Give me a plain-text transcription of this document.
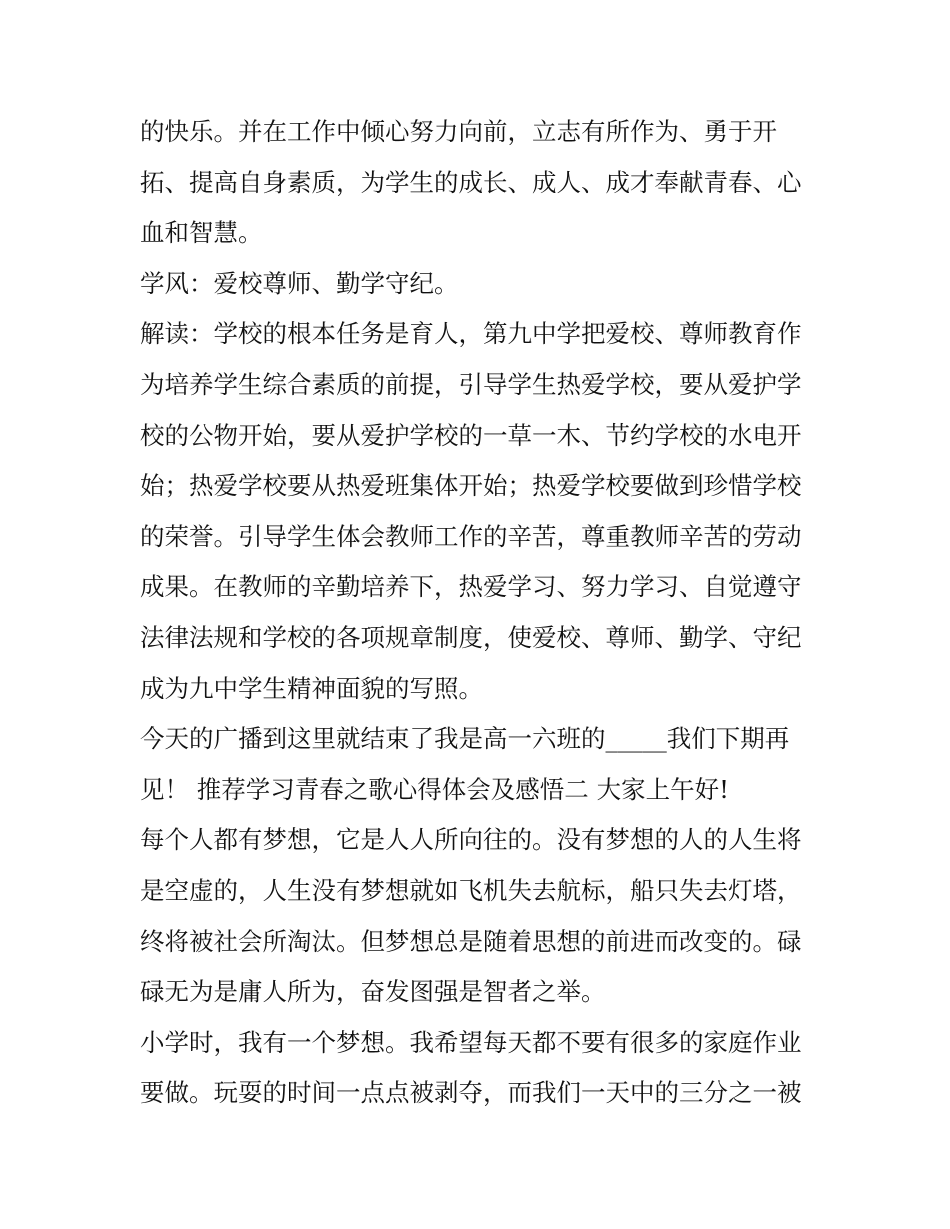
的快乐。并在工作中倾心努力向前，立志有所作为、勇于开
拓、提高自身素质，为学生的成长、成人、成才奉献青春、心
血和智慧。
学风：爱校尊师、勤学守纪。
解读：学校的根本任务是育人，第九中学把爱校、尊师教育作
为培养学生综合素质的前提，引导学生热爱学校，要从爱护学
校的公物开始，要从爱护学校的一草一木、节约学校的水电开
始；热爱学校要从热爱班集体开始；热爱学校要做到珍惜学校
的荣誉。引导学生体会教师工作的辛苦，尊重教师辛苦的劳动
成果。在教师的辛勤培养下，热爱学习、努力学习、自觉遵守
法律法规和学校的各项规章制度，使爱校、尊师、勤学、守纪
成为九中学生精神面貌的写照。
今天的广播到这里就结束了我是高一六班的_____我们下期再
见！ 推荐学习青春之歌心得体会及感悟二 大家上午好!
每个人都有梦想，它是人人所向往的。没有梦想的人的人生将
是空虚的，人生没有梦想就如飞机失去航标，船只失去灯塔，
终将被社会所淘汰。但梦想总是随着思想的前进而改变的。碌
碌无为是庸人所为，奋发图强是智者之举。
小学时，我有一个梦想。我希望每天都不要有很多的家庭作业
要做。玩耍的时间一点点被剥夺，而我们一天中的三分之一被
